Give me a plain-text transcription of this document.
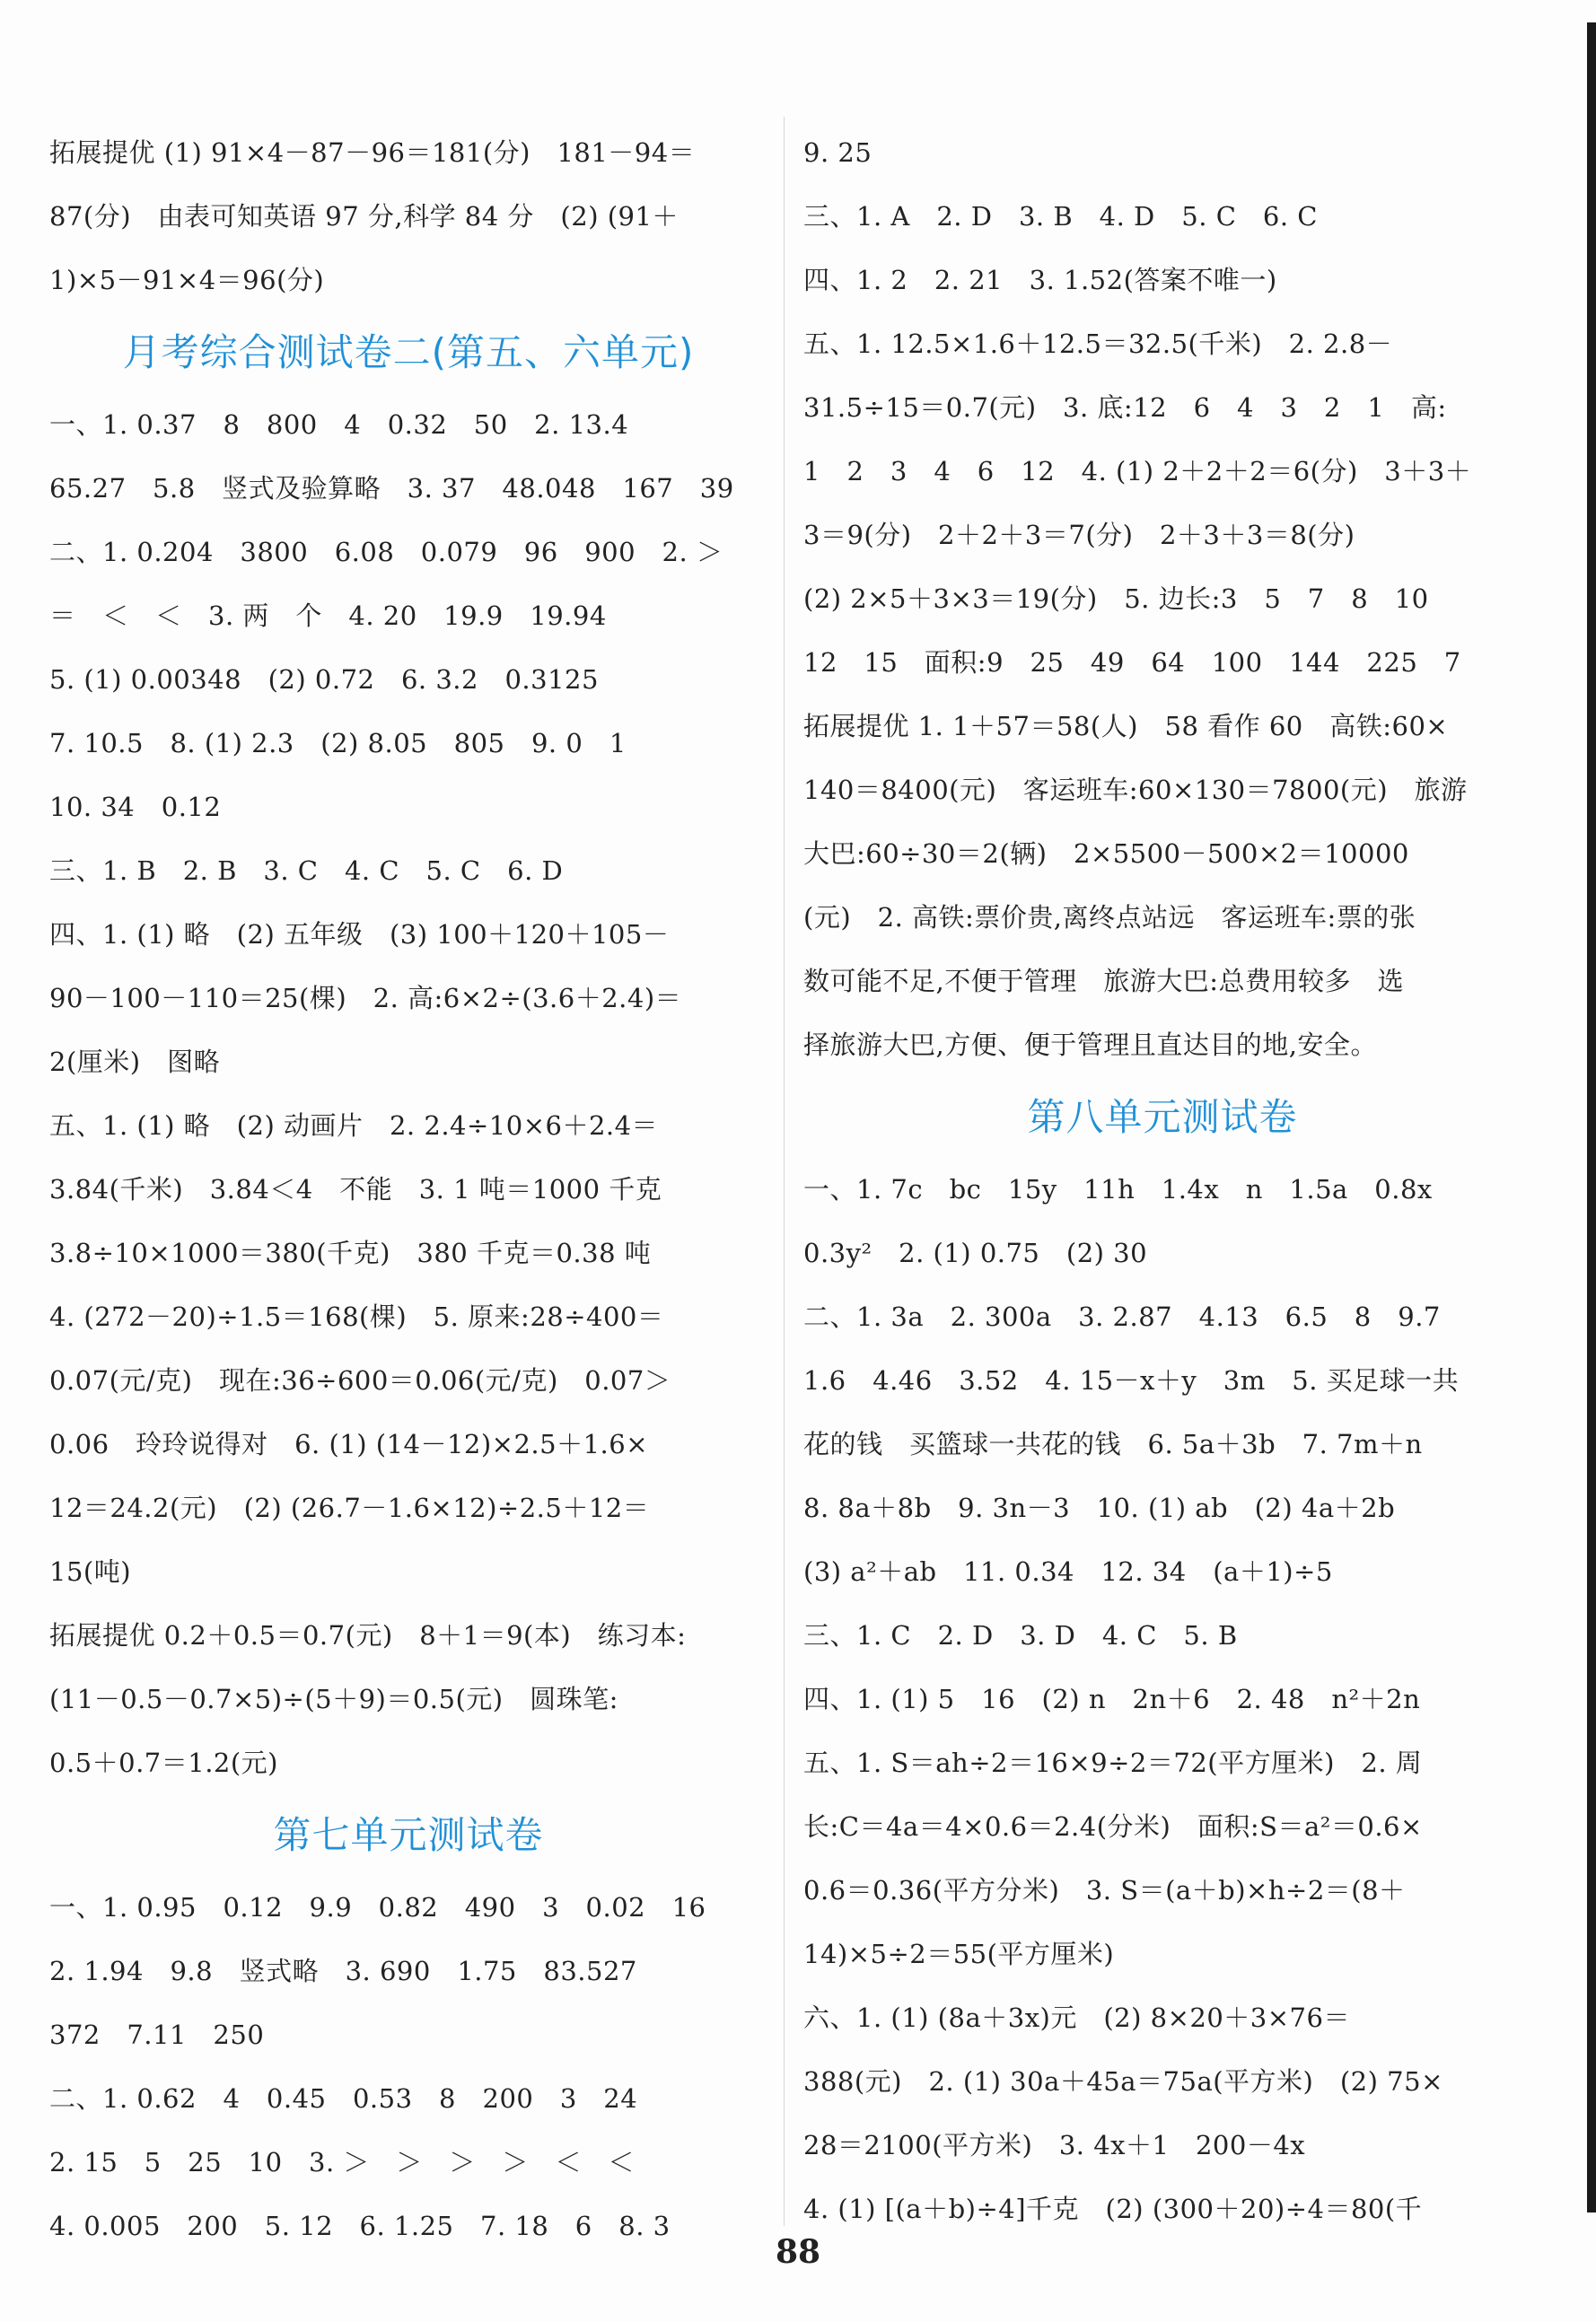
拓展提优 (1) 91×4－87－96＝181(分)　181－94＝
87(分)　由表可知英语 97 分,科学 84 分　(2) (91＋
1)×5－91×4＝96(分)
月考综合测试卷二(第五、六单元)
一、1. 0.37　8　800　4　0.32　50　2. 13.4
65.27　5.8　竖式及验算略　3. 37　48.048　167　39
二、1. 0.204　3800　6.08　0.079　96　900　2. ＞
＝　＜　＜　3. 两　个　4. 20　19.9　19.94
5. (1) 0.00348　(2) 0.72　6. 3.2　0.3125
7. 10.5　8. (1) 2.3　(2) 8.05　805　9. 0　1
10. 34　0.12
三、1. B　2. B　3. C　4. C　5. C　6. D
四、1. (1) 略　(2) 五年级　(3) 100＋120＋105－
90－100－110＝25(棵)　2. 高:6×2÷(3.6＋2.4)＝
2(厘米)　图略
五、1. (1) 略　(2) 动画片　2. 2.4÷10×6＋2.4＝
3.84(千米)　3.84＜4　不能　3. 1 吨＝1000 千克
3.8÷10×1000＝380(千克)　380 千克＝0.38 吨
4. (272－20)÷1.5＝168(棵)　5. 原来:28÷400＝
0.07(元/克)　现在:36÷600＝0.06(元/克)　0.07＞
0.06　玲玲说得对　6. (1) (14－12)×2.5＋1.6×
12＝24.2(元)　(2) (26.7－1.6×12)÷2.5＋12＝
15(吨)
拓展提优 0.2＋0.5＝0.7(元)　8＋1＝9(本)　练习本:
(11－0.5－0.7×5)÷(5＋9)＝0.5(元)　圆珠笔:
0.5＋0.7＝1.2(元)
第七单元测试卷
一、1. 0.95　0.12　9.9　0.82　490　3　0.02　16
2. 1.94　9.8　竖式略　3. 690　1.75　83.527
372　7.11　250
二、1. 0.62　4　0.45　0.53　8　200　3　24
2. 15　5　25　10　3. ＞　＞　＞　＞　＜　＜
4. 0.005　200　5. 12　6. 1.25　7. 18　6　8. 3
9. 25
三、1. A　2. D　3. B　4. D　5. C　6. C
四、1. 2　2. 21　3. 1.52(答案不唯一)
五、1. 12.5×1.6＋12.5＝32.5(千米)　2. 2.8－
31.5÷15＝0.7(元)　3. 底:12　6　4　3　2　1　高:
1　2　3　4　6　12　4. (1) 2＋2＋2＝6(分)　3＋3＋
3＝9(分)　2＋2＋3＝7(分)　2＋3＋3＝8(分)
(2) 2×5＋3×3＝19(分)　5. 边长:3　5　7　8　10
12　15　面积:9　25　49　64　100　144　225　7
拓展提优 1. 1＋57＝58(人)　58 看作 60　高铁:60×
140＝8400(元)　客运班车:60×130＝7800(元)　旅游
大巴:60÷30＝2(辆)　2×5500－500×2＝10000
(元)　2. 高铁:票价贵,离终点站远　客运班车:票的张
数可能不足,不便于管理　旅游大巴:总费用较多　选
择旅游大巴,方便、便于管理且直达目的地,安全。
第八单元测试卷
一、1. 7c　bc　15y　11h　1.4x　n　1.5a　0.8x
0.3y²　2. (1) 0.75　(2) 30
二、1. 3a　2. 300a　3. 2.87　4.13　6.5　8　9.7
1.6　4.46　3.52　4. 15－x＋y　3m　5. 买足球一共
花的钱　买篮球一共花的钱　6. 5a＋3b　7. 7m＋n
8. 8a＋8b　9. 3n－3　10. (1) ab　(2) 4a＋2b
(3) a²＋ab　11. 0.34　12. 34　(a＋1)÷5
三、1. C　2. D　3. D　4. C　5. B
四、1. (1) 5　16　(2) n　2n＋6　2. 48　n²＋2n
五、1. S＝ah÷2＝16×9÷2＝72(平方厘米)　2. 周
长:C＝4a＝4×0.6＝2.4(分米)　面积:S＝a²＝0.6×
0.6＝0.36(平方分米)　3. S＝(a＋b)×h÷2＝(8＋
14)×5÷2＝55(平方厘米)
六、1. (1) (8a＋3x)元　(2) 8×20＋3×76＝
388(元)　2. (1) 30a＋45a＝75a(平方米)　(2) 75×
28＝2100(平方米)　3. 4x＋1　200－4x
4. (1) [(a＋b)÷4]千克　(2) (300＋20)÷4＝80(千
88
